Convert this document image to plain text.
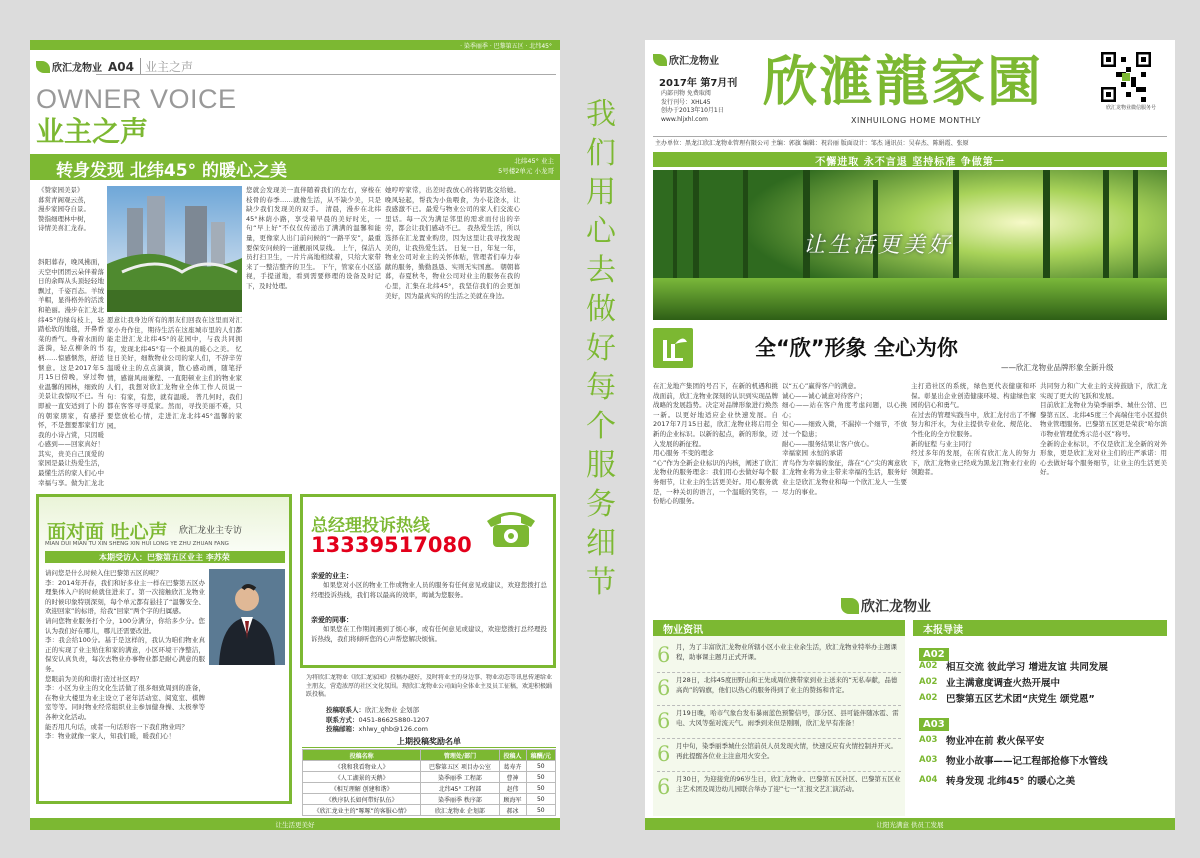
· 染季丽季 · 巴黎第五区 · 北纬45°
欣汇龙物业 A04 业主之声
OWNER VOICE
业主之声
转身发现 北纬45° 的暖心之美	北纬45° 业主
5号楼2单元 小龙哥
《赞家园美景》
暮赏青阁观云蒸，
漫步家园夺自景。
赞指细理林中树，
诗情美喜汇龙春。
斜阳暮春，晚风拂面，天空中团团云朵伴着落日的余晖从头顶轻轻地飘过，千姿百态。羊绒羊帽，显得格外的活泼和艳丽。漫步在汇龙北纬45°的绿岛枝上，轻踏松软的地毯，开鼻香菜的香气。身着水面的涟漪，轻点柳条的书柄……惊感惬然，舒适惬意。这是2017年5月15日傍晚，穿过物业温馨的园林，细致的美景让我惊叹不已。当即被一直安适到了卜的的朝家朋家，有感抒怀，不是想要那家们方我的小诗占赏，只因暖心感到——回家真好！ 其实，贵美自己顶爱的家园是最让热爱生活，最懂生活的家人们心中幸福与享。做为汇龙北
愿意让我身边所有的朋友们回我在这里而对汇家小舟作住，期待生活在这座城市里的人们都能走进汇龙北纬45°的花园中，与我共同拥有，发现北纬45°有一个极具的暖心之美。 忆往日美好，细数物业公司的家人们，不辞辛劳温暖业主的点点滴滴，散心感动画，随笔抒情，感谢风雨兼程、一直阳顿业主们的物业家人们，我想对欣汇龙物业全体工作人员说一句：有家，有您，就有温暖。 普几何时，我们都在客客寻寻觅家。然而，寻找美丽不难，只要您放松心情，走进汇龙北纬45°温馨的家园。
您就会发现美一直伴随着我们的左右，穿梭在枝骨的春季……就像生活，从不缺少美，只是缺少我们发现美的双手。 清晨，漫步在北纬45°林荫小路，享受着早晨的美好时光，一句“早上好”不仅仅传递出了满满的温馨和能量，更像家人出门前问候的“一路平安”，最重要保安问候的一道靓丽风景线。 上午，保洁人员打扫卫生，一片片高地相续着，只给大家带来了一整洁整齐的卫生。 下午，管家在小区巡视，手提道地，看到需要修理的设备及时记下，及时处理。
她哼哼家常，出差时我放心的将钥匙交给她。晚风轻起，帮我为小鱼喂食，为小花浇水，让我感激不已。最爱与物业公司的家人们交流心里话。每一次为满足邻里的需求而付出的辛劳，都会让我们感动不已。 我热爱生活，所以选择在汇龙置业购房，因为这里让我寻找发现美的，让我热爱生活。 日复一日，年复一年，物业公司对业主的关怀体贴，管理者们奉力奉献的服务，勤勤恳恳、实则无实国惠。 朝朝暮暮，春夏秋冬，物业公司对业主的服务在我的心里，汇集在北纬45°，我坚信我们的会更加美好，因为最真实的的生活之美就在身边。
面对面 吐心声 欣汇龙业主专访
MIAN DUI MIAN TU XIN SHENG XIN HUI LONG YE ZHU ZHUAN FANG
本期受访人：巴黎第五区业主 李苏荣
请问您是什么时候入住巴黎第五区的呢？
李：2014年开春，我们和好多业主一样在巴黎第五区办理集体入户的时候就住进来了。第一次接触欣汇龙物业的时候印象特别深刻，每个单元都有悬挂了“温馨安全、欢迎回家”的标语，给我“回家”两个字的归属感。
请问您物业服务打个分，100分满分，你给多少分。您认为我们好在哪儿，哪儿还需要改进。
李：我会给100分。基于是这样的，我认为咱们物业真正的实现了业主贴住和家的满意，小区环境干净整洁，保安认真负责，每次去物业办事物业都是耐心满意的服务。
您眼前为美的和谐打造过社区吗？
李：小区为业主的文化生活做了很多细致周到的准备，在物业大楼里为业主设立了老年活动室、阅览室、棋牌室等等。同时物业经常组织业主参加健身操、太极拳等各种文化活动。
能否用几句话，或者一句话形容一下我们物业吗？
李：物业就像一家人，知我们暖，暖我们心！
总经理投诉热线
13339517080
亲爱的业主：
如果您对小区的物业工作或物业人员的服务有任何意见或建议，欢迎您拨打总经理投诉热线，我们将以最高的效率，竭诚为您服务。
亲爱的同事：
如果您在工作期间遇到了烦心事，或有任何意见或建议，欢迎您拨打总经理投诉热线，我们将倾听您的心声帮您解决烦恼。
为将欣汇龙物业《欣汇龙家园》投稿办越好，及时将业主的身边事、物业动态等讯息传递给业主朋友，营造浓厚的社区文化氛围。现欣汇龙物业公司面向全体业主及员工征稿，欢迎积极踊跃投稿。
投稿联系人：欣汇龙物业 企划部
联系方式：0451-86625880-1207
投稿邮箱：xhlwy_qhb@126.com
上期投稿奖励名单
投稿名称	管理处/部门	投稿人	稿酬/元
《我和我看物业人》	巴黎第五区 项目办公室	葛寿卉	50
《人工湖景的天鹅》	染季丽季 工程部	曹神	50
《相互理解 创建和谐》	北纬45° 工程部	赵伟	50
《秩序队长如何带好队伍》	染季丽季 秩序部	顾海军	50
《欣汇龙业主的“啄啄”的客服心情》	欣汇龙物业 企划部	郝冰	50
让生活更美好
我
们
用
心
去
做
好
每
个
服
务
细
节
欣汇龙物业
2017年 第7月刊
内部刊物 免费取阅
发行刊号：XHL45
创办于2013年10月1日
www.hljxhl.com
欣滙龍家園
XINHUILONG HOME MONTHLY
欣汇龙物业微信服务号
主办单位：黑龙江欣汇龙物业管理有限公司 主编：郭旗 编辑：祝岩丽 版面设计：邹杰 通讯员：吴春杰、陈娟霞、张原
不懈进取 永不言退 坚持标准 争做第一
让生活更美好
全“欣”形象 全心为你
——欣汇龙物业品牌形象全新升级
在汇龙地产集团的号召下，在新的机遇和挑战面前，欣汇龙物业深刻的认识到实现品牌战略的发展趋势。决定对品牌形象进行焕然一新。以更好地适应企业快速发展。自2017年7月15日起，欣汇龙物业将启用全新的企业标识。以新的起点，新的形象，迈入发展的新征程。
用心服务 不变的理念
“心”作为全新企业标识的内核，阐述了欣汇龙物业的服务理念：我们用心去做好每个服务细节，让业主的生活更美好。用心服务就是，一种关切的语言，一个温暖的笑容，一份贴心的服务。
以“五心”赢得客户的满意。
诚心——诚心诚意对待客户；
细心——站在客户角度考虑问题，以心换心；
知心——细致入微，不漏掉一个细节，不放过一个隐患；
耐心——服务结果让客户放心。
幸福家园 永恒的承诺
青鸟作为幸福的象征，落在“心”尖的寓意欣汇龙物业将为业主带来幸福的生活，服务好业主是欣汇龙物业和每一个欣汇龙人一生要尽力的事业。
主打造社区的系统，绿色更代表健康和环保。彰显出企业创造健康环境、构建绿色家园的信心和勇气。
在过去的管理实践当中，欣汇龙付出了不懈努力和汗水，为业主提供专业化、规范化、个性化的全方位服务。
新的征程 与业主同行
经过多年的发展，在所有欣汇龙人的努力下，欣汇龙物业已经成为黑龙江物业行业的领跑者。
共同努力和广大业主的支持鼓励下，欣汇龙实现了更大的飞跃和发展。
目前欣汇龙物业为染季丽季、城仕公馆、巴黎第五区、北纬45度三个高端住宅小区提供物业管理服务。巴黎第五区更是荣获“哈尔滨市物业管理优秀示范小区”称号。
全新的企业标识，不仅是欣汇龙全新的对外形象，更是欣汇龙对业主们的庄严承诺：用心去做好每个服务细节，让业主的生活更美好。
欣汇龙物业
物业资讯
6 月，为了丰富欣汇龙物业所辖小区小业主业余生活，欣汇龙物业特举办主题课程，助事课主题月正式开课。
6 月28日，北纬45度田野山和王先成周位携带家到业主送来的“无私奉献，品德高尚”的锦旗，他们以热心的服务得到了业主的赞扬和肯定。
6 月19日晚，哈市气象台发布暴雨蓝色预警信号，部分区、县可能伴随冰雹、雷电、大风等强对流天气。雨季到来但是刚刚，欣汇龙早有准备！
6 月中旬，染季丽季城仕公馆前员人员发现火情，快速反应有火情控制并开灭。再此提醒各位业主注意用火安全。
6 月30日，为迎接党的96岁生日，欣汇龙物业、巴黎第五区社区、巴黎第五区业主艺术团及周边幼儿园联合举办了迎“七一”汇报文艺汇演活动。
本报导读
A02
A02 相互交流 彼此学习 增进友谊 共同发展
A02 业主满意度调查火热开展中
A02 巴黎第五区艺术团“庆党生 颂党恩”
A03
A03 物业冲在前 救火保平安
A03 物业小故事——记工程部抢修下水管线
A04 转身发现 北纬45° 的暖心之美
让阳光满意 供员工发展
